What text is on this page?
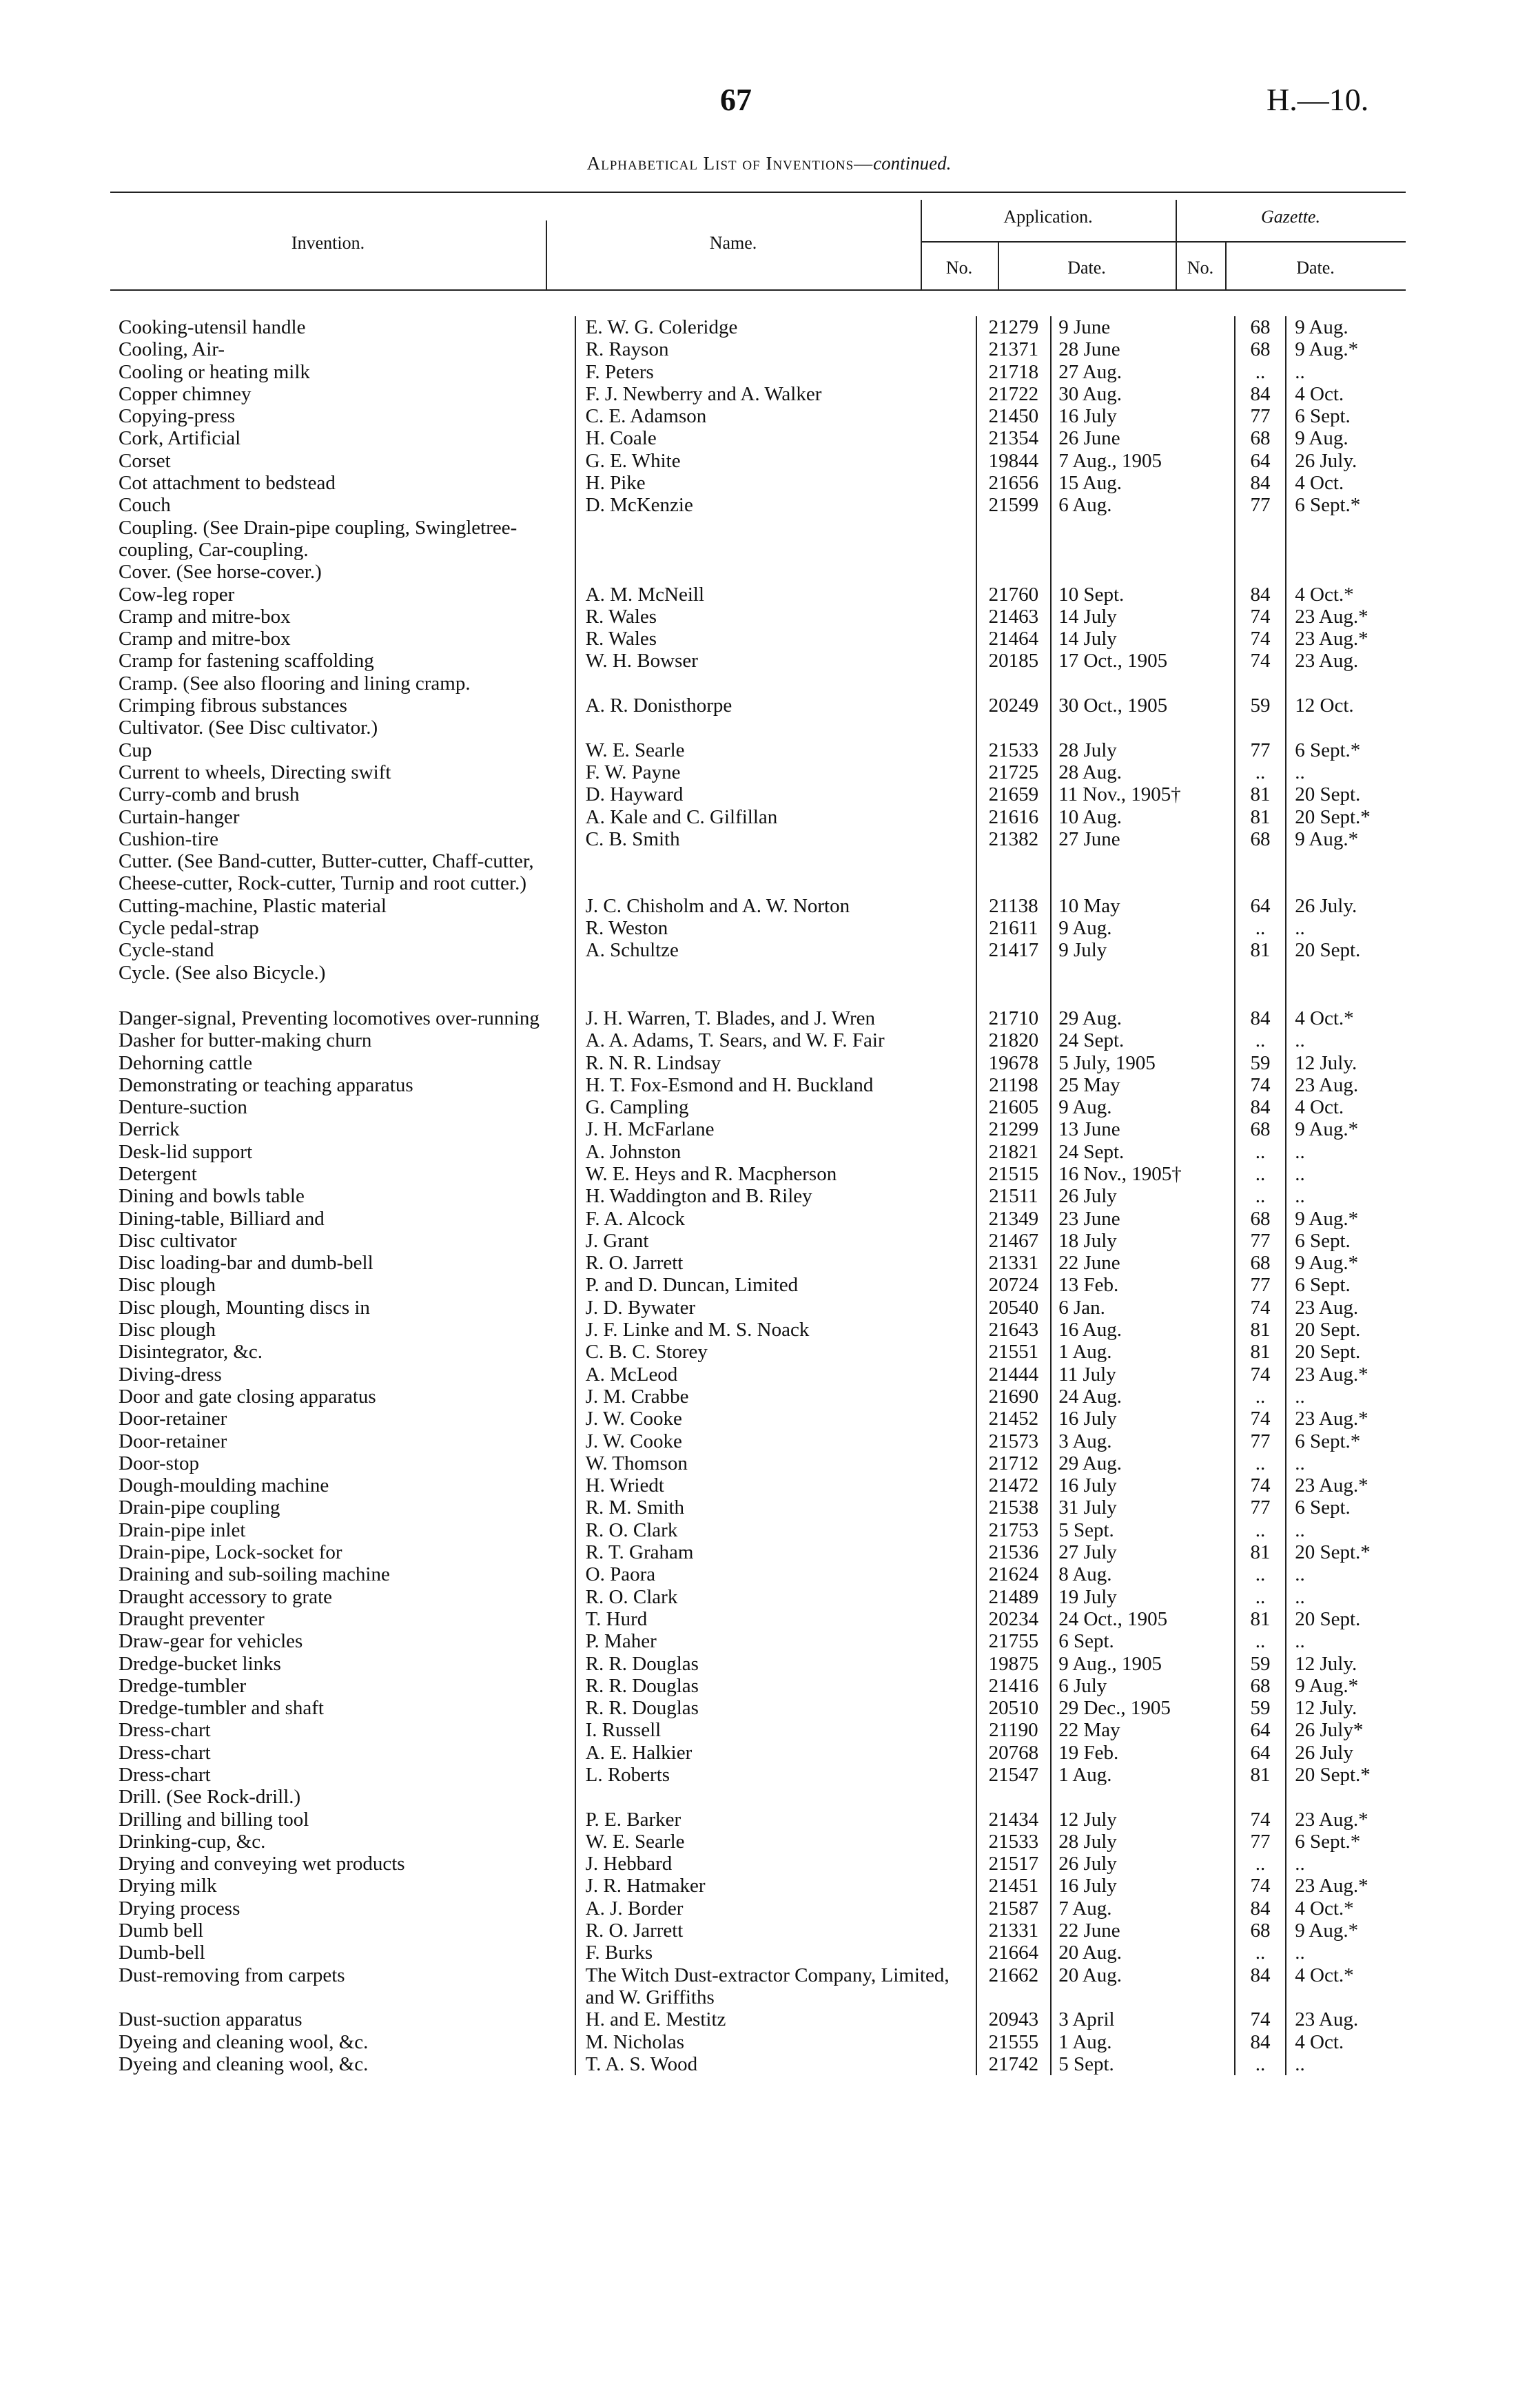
67	H.—10.
Alphabetical List of Inventions—continued.
Invention.	Name.
Application.
No.	Date.
Gazette.
No.	Date.
Cooking-utensil handle	E. W. G. Coleridge	21279	9 June	68	9 Aug.
Cooling, Air-	R. Rayson	21371	28 June	68	9 Aug.*
Cooling or heating milk	F. Peters	21718	27 Aug.	..	..
Copper chimney	F. J. Newberry and A. Walker	21722	30 Aug.	84	4 Oct.
Copying-press	C. E. Adamson	21450	16 July	77	6 Sept.
Cork, Artificial	H. Coale	21354	26 June	68	9 Aug.
Corset	G. E. White	19844	7 Aug., 1905	64	26 July.
Cot attachment to bedstead	H. Pike	21656	15 Aug.	84	4 Oct.
Couch	D. McKenzie	21599	6 Aug.	77	6 Sept.*
Coupling. (See Drain-pipe coupling, Swingletree-coupling, Car-coupling.					
Cover. (See horse-cover.)					
Cow-leg roper	A. M. McNeill	21760	10 Sept.	84	4 Oct.*
Cramp and mitre-box	R. Wales	21463	14 July	74	23 Aug.*
Cramp and mitre-box	R. Wales	21464	14 July	74	23 Aug.*
Cramp for fastening scaffolding	W. H. Bowser	20185	17 Oct., 1905	74	23 Aug.
Cramp. (See also flooring and lining cramp.					
Crimping fibrous substances	A. R. Donisthorpe	20249	30 Oct., 1905	59	12 Oct.
Cultivator. (See Disc cultivator.)					
Cup	W. E. Searle	21533	28 July	77	6 Sept.*
Current to wheels, Directing swift	F. W. Payne	21725	28 Aug.	..	..
Curry-comb and brush	D. Hayward	21659	11 Nov., 1905†	81	20 Sept.
Curtain-hanger	A. Kale and C. Gilfillan	21616	10 Aug.	81	20 Sept.*
Cushion-tire	C. B. Smith	21382	27 June	68	9 Aug.*
Cutter. (See Band-cutter, Butter-cutter, Chaff-cutter, Cheese-cutter, Rock-cutter, Turnip and root cutter.)					
Cutting-machine, Plastic material	J. C. Chisholm and A. W. Norton	21138	10 May	64	26 July.
Cycle pedal-strap	R. Weston	21611	9 Aug.	..	..
Cycle-stand	A. Schultze	21417	9 July	81	20 Sept.
Cycle. (See also Bicycle.)					

Danger-signal, Preventing locomotives over-running	J. H. Warren, T. Blades, and J. Wren	21710	29 Aug.	84	4 Oct.*
Dasher for butter-making churn	A. A. Adams, T. Sears, and W. F. Fair	21820	24 Sept.	..	..
Dehorning cattle	R. N. R. Lindsay	19678	5 July, 1905	59	12 July.
Demonstrating or teaching apparatus	H. T. Fox-Esmond and H. Buckland	21198	25 May	74	23 Aug.
Denture-suction	G. Campling	21605	9 Aug.	84	4 Oct.
Derrick	J. H. McFarlane	21299	13 June	68	9 Aug.*
Desk-lid support	A. Johnston	21821	24 Sept.	..	..
Detergent	W. E. Heys and R. Macpherson	21515	16 Nov., 1905†	..	..
Dining and bowls table	H. Waddington and B. Riley	21511	26 July	..	..
Dining-table, Billiard and	F. A. Alcock	21349	23 June	68	9 Aug.*
Disc cultivator	J. Grant	21467	18 July	77	6 Sept.
Disc loading-bar and dumb-bell	R. O. Jarrett	21331	22 June	68	9 Aug.*
Disc plough	P. and D. Duncan, Limited	20724	13 Feb.	77	6 Sept.
Disc plough, Mounting discs in	J. D. Bywater	20540	6 Jan.	74	23 Aug.
Disc plough	J. F. Linke and M. S. Noack	21643	16 Aug.	81	20 Sept.
Disintegrator, &c.	C. B. C. Storey	21551	1 Aug.	81	20 Sept.
Diving-dress	A. McLeod	21444	11 July	74	23 Aug.*
Door and gate closing apparatus	J. M. Crabbe	21690	24 Aug.	..	..
Door-retainer	J. W. Cooke	21452	16 July	74	23 Aug.*
Door-retainer	J. W. Cooke	21573	3 Aug.	77	6 Sept.*
Door-stop	W. Thomson	21712	29 Aug.	..	..
Dough-moulding machine	H. Wriedt	21472	16 July	74	23 Aug.*
Drain-pipe coupling	R. M. Smith	21538	31 July	77	6 Sept.
Drain-pipe inlet	R. O. Clark	21753	5 Sept.	..	..
Drain-pipe, Lock-socket for	R. T. Graham	21536	27 July	81	20 Sept.*
Draining and sub-soiling machine	O. Paora	21624	8 Aug.	..	..
Draught accessory to grate	R. O. Clark	21489	19 July	..	..
Draught preventer	T. Hurd	20234	24 Oct., 1905	81	20 Sept.
Draw-gear for vehicles	P. Maher	21755	6 Sept.	..	..
Dredge-bucket links	R. R. Douglas	19875	9 Aug., 1905	59	12 July.
Dredge-tumbler	R. R. Douglas	21416	6 July	68	9 Aug.*
Dredge-tumbler and shaft	R. R. Douglas	20510	29 Dec., 1905	59	12 July.
Dress-chart	I. Russell	21190	22 May	64	26 July*
Dress-chart	A. E. Halkier	20768	19 Feb.	64	26 July
Dress-chart	L. Roberts	21547	1 Aug.	81	20 Sept.*
Drill. (See Rock-drill.)					
Drilling and billing tool	P. E. Barker	21434	12 July	74	23 Aug.*
Drinking-cup, &c.	W. E. Searle	21533	28 July	77	6 Sept.*
Drying and conveying wet products	J. Hebbard	21517	26 July	..	..
Drying milk	J. R. Hatmaker	21451	16 July	74	23 Aug.*
Drying process	A. J. Border	21587	7 Aug.	84	4 Oct.*
Dumb bell	R. O. Jarrett	21331	22 June	68	9 Aug.*
Dumb-bell	F. Burks	21664	20 Aug.	..	..
Dust-removing from carpets	The Witch Dust-extractor Company, Limited, and W. Griffiths	21662	20 Aug.	84	4 Oct.*
Dust-suction apparatus	H. and E. Mestitz	20943	3 April	74	23 Aug.
Dyeing and cleaning wool, &c.	M. Nicholas	21555	1 Aug.	84	4 Oct.
Dyeing and cleaning wool, &c.	T. A. S. Wood	21742	5 Sept.	..	..
